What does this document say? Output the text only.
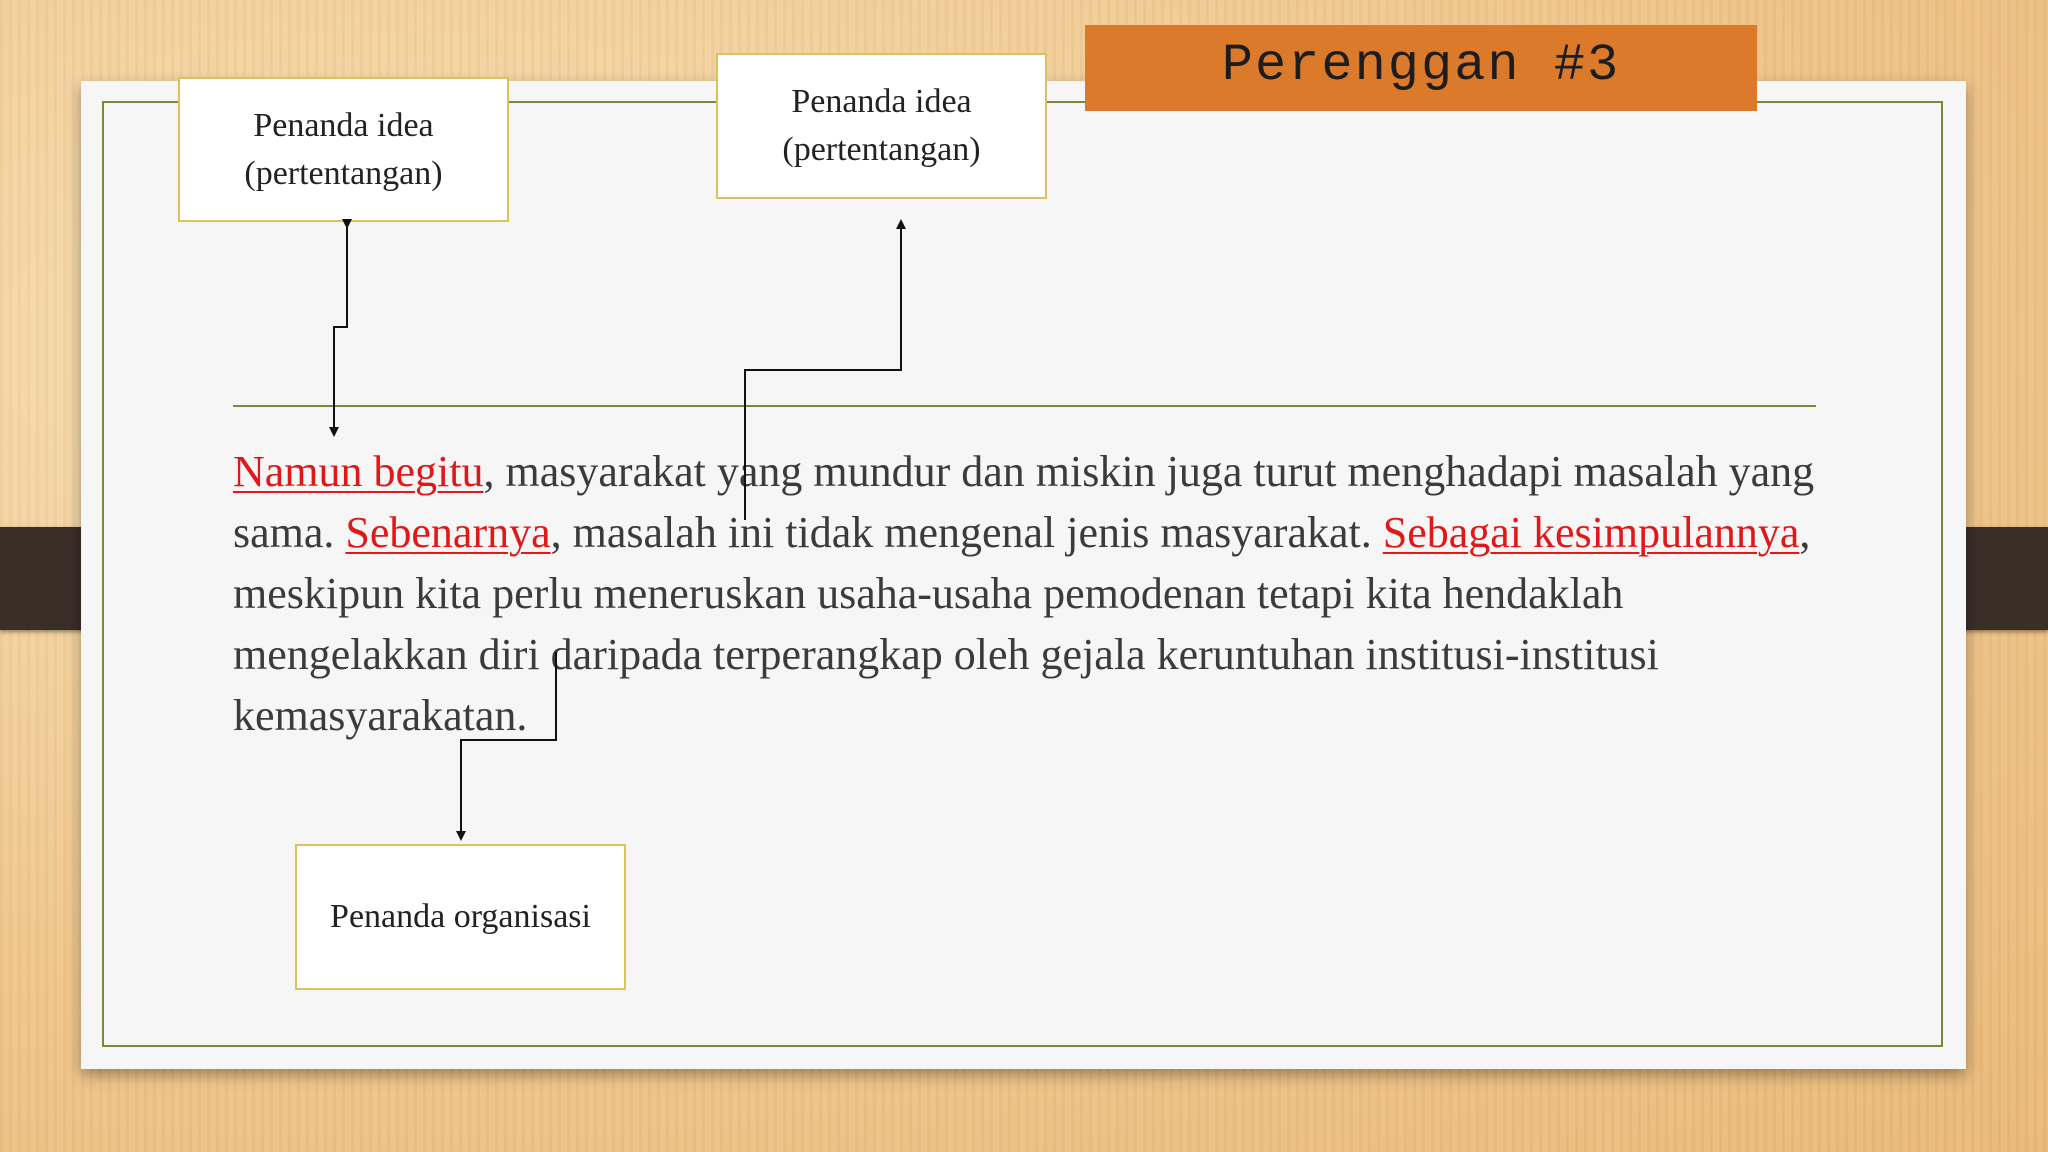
Perenggan #3
Penanda idea
(pertentangan)
Penanda idea
(pertentangan)
Penanda organisasi

Namun begitu, masyarakat yang mundur dan miskin juga turut menghadapi masalah yang sama. Sebenarnya, masalah ini tidak mengenal jenis masyarakat. Sebagai kesimpulannya, meskipun kita perlu meneruskan usaha-usaha pemodenan tetapi kita hendaklah mengelakkan diri daripada terperangkap oleh gejala keruntuhan institusi-institusi kemasyarakatan.
